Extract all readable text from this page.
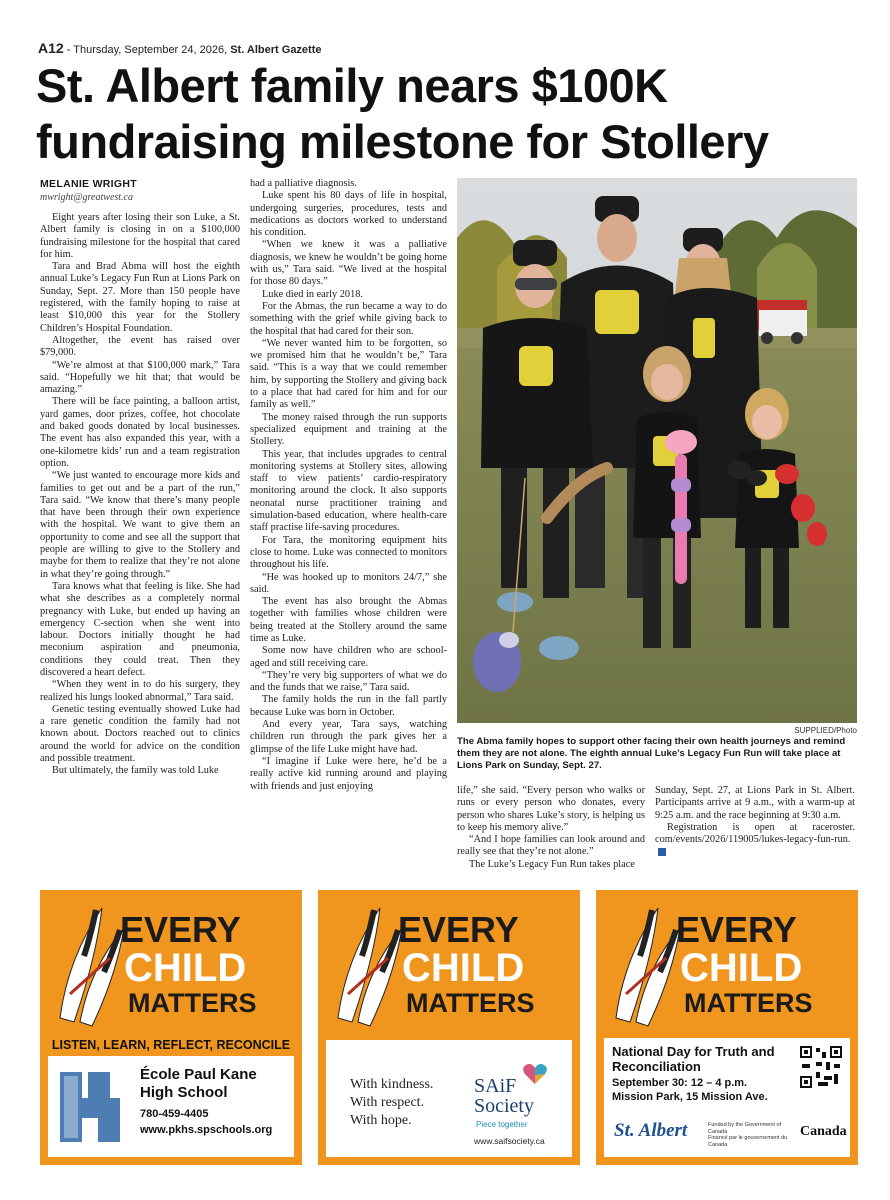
A12 - Thursday, September 24, 2026, St. Albert Gazette
St. Albert family nears $100K fundraising milestone for Stollery
MELANIE WRIGHT
mwright@greatwest.ca

Eight years after losing their son Luke, a St. Albert family is closing in on a $100,000 fundraising milestone for the hospital that cared for him.

Tara and Brad Abma will host the eighth annual Luke’s Legacy Fun Run at Lions Park on Sunday, Sept. 27. More than 150 people have registered, with the family hoping to raise at least $10,000 this year for the Stollery Children’s Hospital Foundation.

Altogether, the event has raised over $79,000.

“We’re almost at that $100,000 mark,” Tara said. “Hopefully we hit that; that would be amazing.”

There will be face painting, a balloon artist, yard games, door prizes, coffee, hot chocolate and baked goods donated by local businesses. The event has also expanded this year, with a one-kilometre kids’ run and a team registration option.

“We just wanted to encourage more kids and families to get out and be a part of the run,” Tara said. “We know that there’s many people that have been through their own experience with the hospital. We want to give them an opportunity to come and see all the support that people are willing to give to the Stollery and maybe for them to realize that they’re not alone in what they’re going through.”

Tara knows what that feeling is like. She had what she describes as a completely normal pregnancy with Luke, but ended up having an emergency C-section when she went into labour. Doctors initially thought he had meconium aspiration and pneumonia, conditions they could treat. Then they discovered a heart defect.

“When they went in to do his surgery, they realized his lungs looked abnormal,” Tara said.

Genetic testing eventually showed Luke had a rare genetic condition the family had not known about. Doctors reached out to clinics around the world for advice on the condition and possible treatment.

But ultimately, the family was told Luke

had a palliative diagnosis.

Luke spent his 80 days of life in hospital, undergoing surgeries, procedures, tests and medications as doctors worked to understand his condition.

“When we knew it was a palliative diagnosis, we knew he wouldn’t be going home with us,” Tara said. “We lived at the hospital for those 80 days.”

Luke died in early 2018.

For the Abmas, the run became a way to do something with the grief while giving back to the hospital that had cared for their son.

“We never wanted him to be forgotten, so we promised him that he wouldn’t be,” Tara said. “This is a way that we could remember him, by supporting the Stollery and giving back to a place that had cared for him and for our family as well.”

The money raised through the run supports specialized equipment and training at the Stollery.

This year, that includes upgrades to central monitoring systems at Stollery sites, allowing staff to view patients’ cardio-respiratory monitoring around the clock. It also supports neonatal nurse practitioner training and simulation-based education, where health-care staff practise life-saving procedures.

For Tara, the monitoring equipment hits close to home. Luke was connected to monitors throughout his life.

“He was hooked up to monitors 24/7,” she said.

The event has also brought the Abmas together with families whose children were being treated at the Stollery around the same time as Luke.

Some now have children who are school-aged and still receiving care.

“They’re very big supporters of what we do and the funds that we raise,” Tara said.

The family holds the run in the fall partly because Luke was born in October.

And every year, Tara says, watching children run through the park gives her a glimpse of the life Luke might have had.

“I imagine if Luke were here, he’d be a really active kid running around and playing with friends and just enjoying

SUPPLIED/Photo
The Abma family hopes to support other facing their own health journeys and remind them they are not alone. The eighth annual Luke’s Legacy Fun Run will take place at Lions Park on Sunday, Sept. 27.

life,” she said. “Every person who walks or runs or every person who donates, every person who shares Luke’s story, is helping us to keep his memory alive.”

“And I hope families can look around and really see that they’re not alone.”

The Luke’s Legacy Fun Run takes place

Sunday, Sept. 27, at Lions Park in St. Albert. Participants arrive at 9 a.m., with a warm-up at 9:25 a.m. and the race beginning at 9:30 a.m.

Registration is open at raceroster. com/events/2026/119005/lukes-legacy-fun-run.

EVERY
CHILD
MATTERS
LISTEN, LEARN, REFLECT, RECONCILE
École Paul Kane High School
780-459-4405
www.pkhs.spschools.org
EVERY
CHILD
MATTERS
With kindness.
With respect.
With hope.
SAiF
Society
Piece together
www.saifsociety.ca
EVERY
CHILD
MATTERS
National Day for Truth and Reconciliation
September 30: 12 – 4 p.m.
Mission Park, 15 Mission Ave.
St. Albert	Funded by the Government of Canada
Financé par le gouvernement du Canada
Canada
